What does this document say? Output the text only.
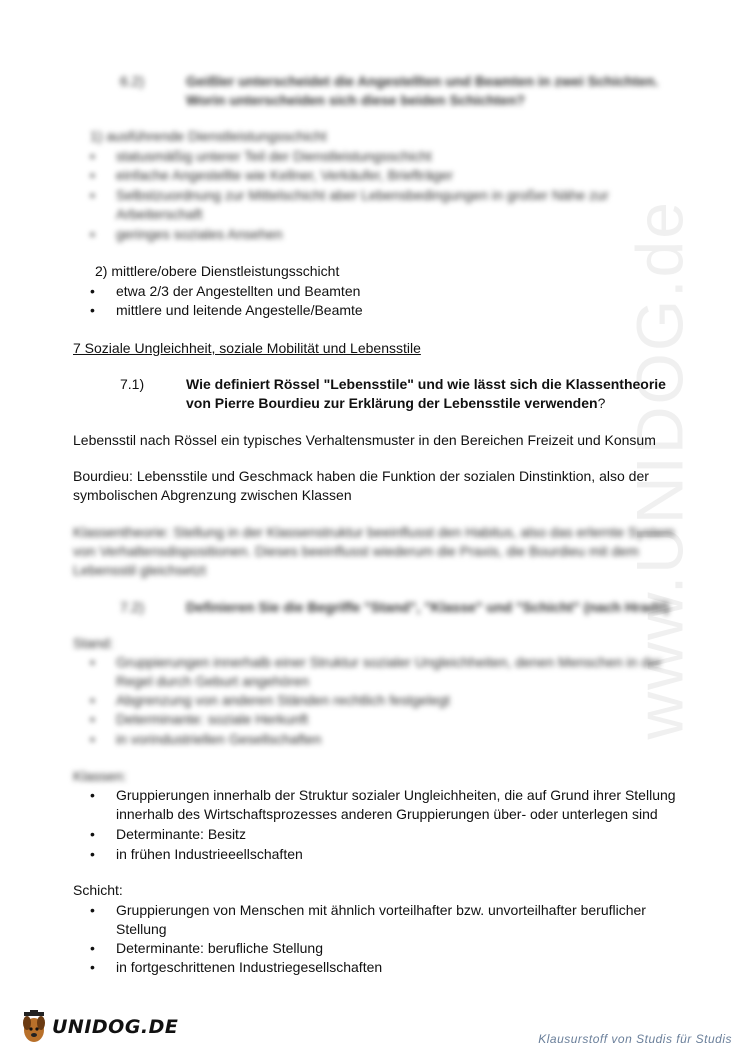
www.UNIDOG.de
6.2)	Geißler unterscheidet die Angestellten und Beamten in zwei Schichten. Worin unterscheiden sich diese beiden Schichten?
1) ausführende Dienstleistungsschicht
• statusmäßig unterer Teil der Dienstleistungsschicht
• einfache Angestellte wie Kellner, Verkäufer, Briefträger
• Selbstzuordnung zur Mittelschicht aber Lebensbedingungen in großer Nähe zur Arbeiterschaft
• geringes soziales Ansehen
2) mittlere/obere Dienstleistungsschicht
• etwa 2/3 der Angestellten und Beamten
• mittlere und leitende Angestelle/Beamte
7 Soziale Ungleichheit, soziale Mobilität und Lebensstile
7.1)	Wie definiert Rössel "Lebensstile" und wie lässt sich die Klassentheorie von Pierre Bourdieu zur Erklärung der Lebensstile verwenden?
Lebensstil nach Rössel ein typisches Verhaltensmuster in den Bereichen Freizeit und Konsum
Bourdieu: Lebensstile und Geschmack haben die Funktion der sozialen Dinstinktion, also der symbolischen Abgrenzung zwischen Klassen
Klassentheorie: Stellung in der Klassenstruktur beeinflusst den Habitus, also das erlernte System von Verhaltensdispositionen. Dieses beeinflusst wiederum die Praxis, die Bourdieu mit dem Lebensstil gleichsetzt
7.2)	Definieren Sie die Begriffe "Stand", "Klasse" und "Schicht" (nach Hradil)
Stand:
• Gruppierungen innerhalb einer Struktur sozialer Ungleichheiten, denen Menschen in der Regel durch Geburt angehören
• Abgrenzung von anderen Ständen rechtlich festgelegt
• Determinante: soziale Herkunft
• in vorindustriellen Gesellschaften
Klassen:
• Gruppierungen innerhalb der Struktur sozialer Ungleichheiten, die auf Grund ihrer Stellung innerhalb des Wirtschaftsprozesses anderen Gruppierungen über- oder unterlegen sind
• Determinante: Besitz
• in frühen Industrieeellschaften
Schicht:
• Gruppierungen von Menschen mit ähnlich vorteilhafter bzw. unvorteilhafter beruflicher Stellung
• Determinante: berufliche Stellung
• in fortgeschrittenen Industriegesellschaften
UNIDOG.DE
Klausurstoff von Studis für Studis
